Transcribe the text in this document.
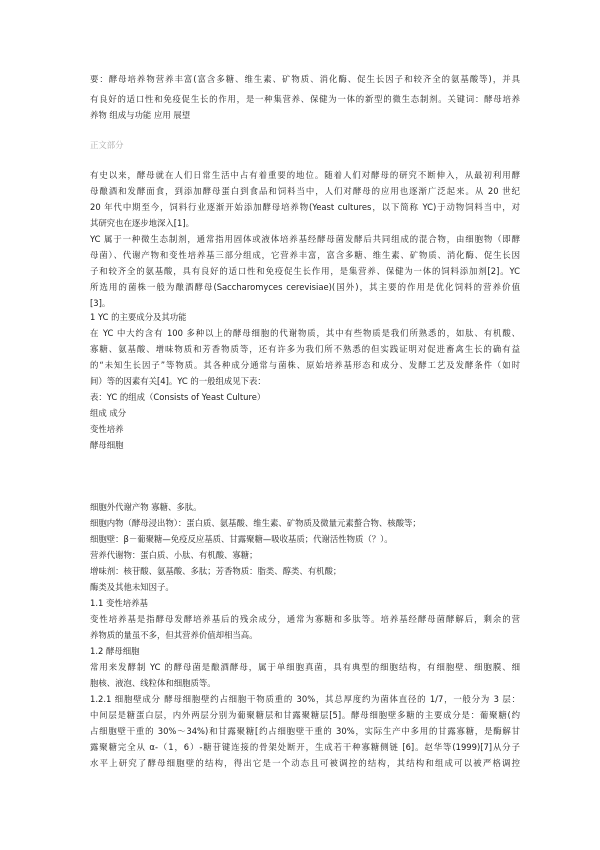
要：酵母培养物营养丰富(富含多糖、维生素、矿物质、消化酶、促生长因子和较齐全的氨基酸等)，并具
有良好的适口性和免疫促生长的作用，是一种集营养、保健为一体的新型的微生态制剂。关键词：酵母培养
养物 组成与功能 应用 展望
正文部分
有史以来，酵母就在人们日常生活中占有着重要的地位。随着人们对酵母的研究不断伸入，从最初利用酵
母酿酒和发酵面食，到添加酵母蛋白到食品和饲料当中，人们对酵母的应用也逐渐广泛起来。从 20 世纪
20 年代中期至今，饲料行业逐渐开始添加酵母培养物(Yeast cultures，以下简称 YC)于动物饲料当中，对
其研究也在逐步地深入[1]。
YC 属于一种微生态制剂，通常指用固体或液体培养基经酵母菌发酵后共同组成的混合物，由细胞物（即酵
母菌）、代谢产物和变性培养基三部分组成，它营养丰富，富含多糖、维生素、矿物质、消化酶、促生长因
子和较齐全的氨基酸，具有良好的适口性和免疫促生长作用，是集营养、保健为一体的饲料添加剂[2]。YC
所选用的菌株一般为酿酒酵母(Saccharomyces cerevisiae)(国外)，其主要的作用是优化饲料的营养价值
[3]。
1 YC 的主要成分及其功能
在 YC 中大约含有 100 多种以上的酵母细胞的代谢物质，其中有些物质是我们所熟悉的，如肽、有机酸、
寡糖、氨基酸、增味物质和芳香物质等，还有许多为我们所不熟悉的但实践证明对促进畜禽生长的确有益
的“未知生长因子”等物质。其各种成分通常与菌株、原始培养基形态和成分、发酵工艺及发酵条件（如时
间）等的因素有关[4]。YC 的一般组成见下表：
表：YC 的组成（Consists of Yeast Culture）
组成 成分
变性培养
酵母细胞
细胞外代谢产物 寡糖、多肽。
细胞内物（酵母浸出物）：蛋白质、氨基酸、维生素、矿物质及微量元素螯合物、核酸等；
细胞壁：β－葡聚糖—免疫反应基质、甘露聚糖—吸收基质；代谢活性物质（？）。
营养代谢物：蛋白质、小肽、有机酸、寡糖；
增味剂：核苷酸、氨基酸、多肽；芳香物质：脂类、醇类、有机酸；
酶类及其他未知因子。
1.1 变性培养基
变性培养基是指酵母发酵培养基后的残余成分，通常为寡糖和多肽等。培养基经酵母菌酵解后，剩余的营
养物质的量虽不多，但其营养价值却相当高。
1.2 酵母细胞
常用来发酵制 YC 的酵母菌是酿酒酵母，属于单细胞真菌，具有典型的细胞结构，有细胞壁、细胞膜、细
胞核、液泡、线粒体和细胞质等。
1.2.1 细胞壁成分 酵母细胞壁约占细胞干物质重的 30%，其总厚度约为菌体直径的 1/7，一般分为 3 层：
中间层是糖蛋白层，内外两层分别为葡聚糖层和甘露聚糖层[5]。酵母细胞壁多糖的主要成分是：葡聚糖(约
占细胞壁干重的 30%～34%)和甘露聚糖[约占细胞壁干重的 30%，实际生产中多用的甘露寡糖，是酶解甘
露聚糖完全从 α-（1，6）-糖苷键连接的骨架处断开，生成若干种寡糖侧链 [6]。赵华等(1999)[7]从分子
水平上研究了酵母细胞壁的结构，得出它是一个动态且可被调控的结构，其结构和组成可以被严格调控
